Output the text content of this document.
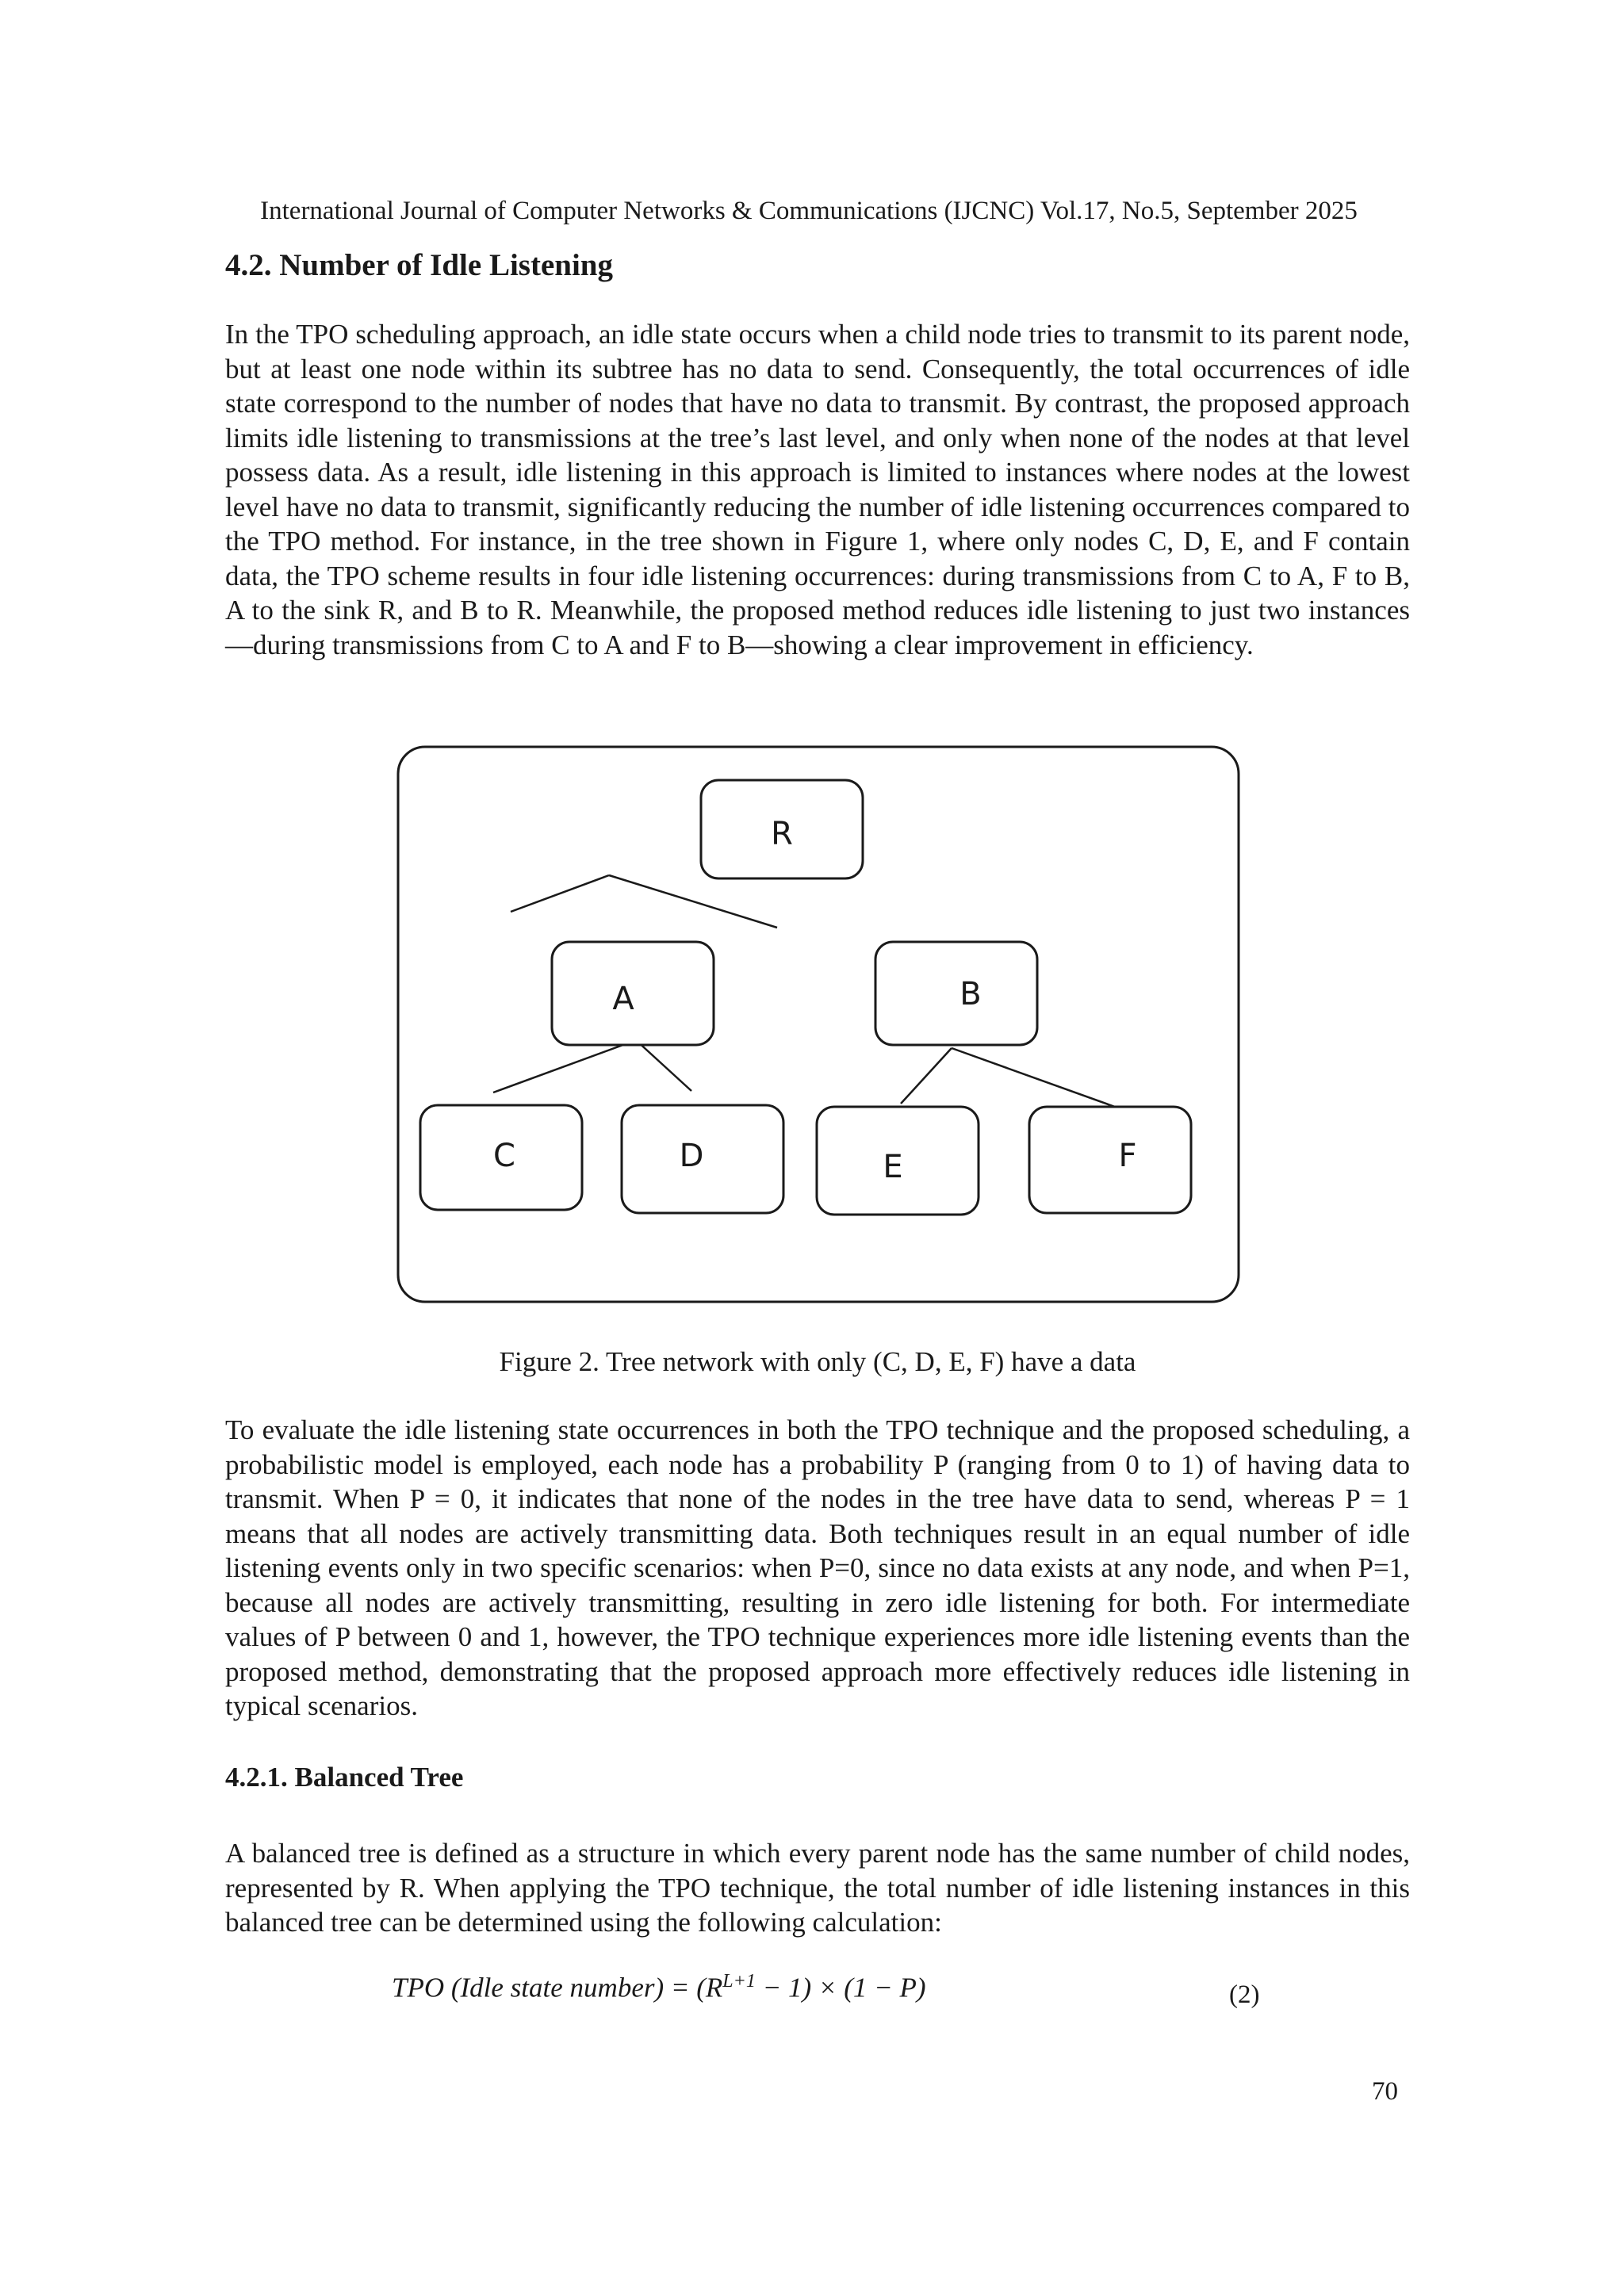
International Journal of Computer Networks & Communications (IJCNC) Vol.17, No.5, September 2025
4.2. Number of Idle Listening
In the TPO scheduling approach, an idle state occurs when a child node tries to transmit to its parent node, but at least one node within its subtree has no data to send. Consequently, the total occurrences of idle state correspond to the number of nodes that have no data to transmit. By contrast, the proposed approach limits idle listening to transmissions at the tree’s last level, and only when none of the nodes at that level possess data. As a result, idle listening in this approach is limited to instances where nodes at the lowest level have no data to transmit, significantly reducing the number of idle listening occurrences compared to the TPO method. For instance, in the tree shown in Figure 1, where only nodes C, D, E, and F contain data, the TPO scheme results in four idle listening occurrences: during transmissions from C to A, F to B, A to the sink R, and B to R. Meanwhile, the proposed method reduces idle listening to just two instances—during transmissions from C to A and F to B—showing a clear improvement in efficiency.
R
A	B
C	D	E	F
Figure 2. Tree network with only (C, D, E, F) have a data
To evaluate the idle listening state occurrences in both the TPO technique and the proposed scheduling, a probabilistic model is employed, each node has a probability P (ranging from 0 to 1) of having data to transmit. When P = 0, it indicates that none of the nodes in the tree have data to send, whereas P = 1 means that all nodes are actively transmitting data. Both techniques result in an equal number of idle listening events only in two specific scenarios: when P=0, since no data exists at any node, and when P=1, because all nodes are actively transmitting, resulting in zero idle listening for both. For intermediate values of P between 0 and 1, however, the TPO technique experiences more idle listening events than the proposed method, demonstrating that the proposed approach more effectively reduces idle listening in typical scenarios.
4.2.1. Balanced Tree
A balanced tree is defined as a structure in which every parent node has the same number of child nodes, represented by R. When applying the TPO technique, the total number of idle listening instances in this balanced tree can be determined using the following calculation:
TPO (Idle state number) = $(R^{L+1} - 1) \times (1 - P)$	(2)
70
